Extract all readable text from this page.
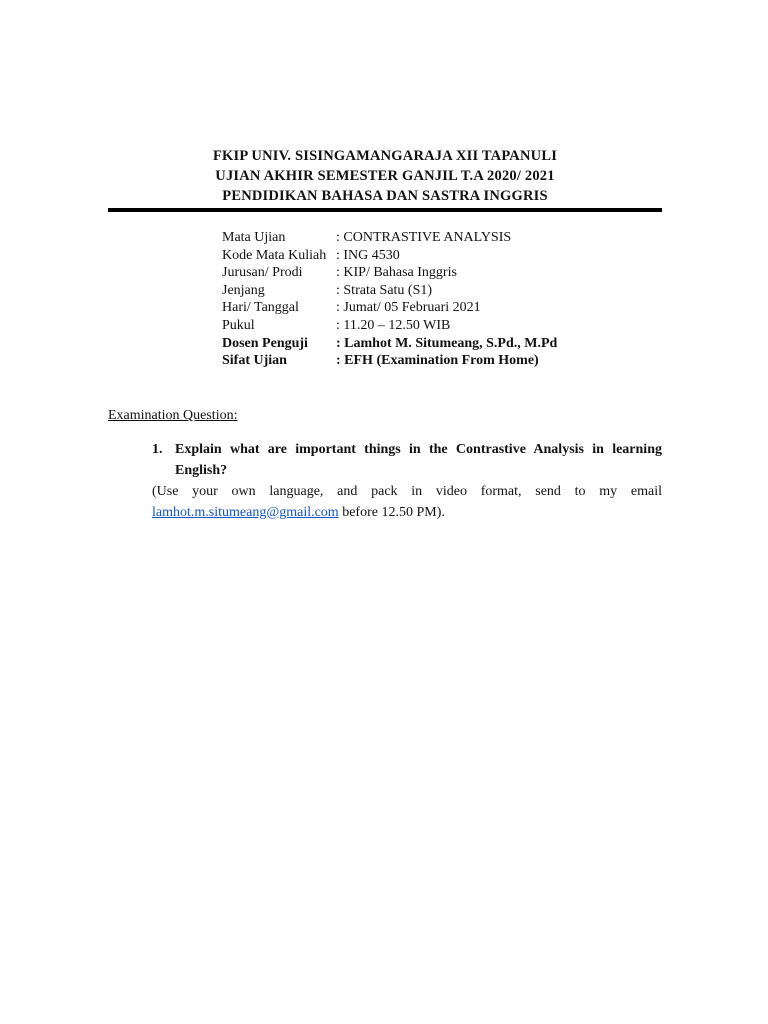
FKIP UNIV. SISINGAMANGARAJA XII TAPANULI
UJIAN AKHIR SEMESTER GANJIL T.A 2020/ 2021
PENDIDIKAN BAHASA DAN SASTRA INGGRIS
Mata Ujian	: CONTRASTIVE ANALYSIS
Kode Mata Kuliah : ING 4530
Jurusan/ Prodi	: KIP/ Bahasa Inggris
Jenjang	: Strata Satu (S1)
Hari/ Tanggal	: Jumat/ 05 Februari 2021
Pukul	: 11.20 – 12.50 WIB
Dosen Penguji	: Lamhot M. Situmeang, S.Pd., M.Pd
Sifat Ujian	: EFH (Examination From Home)
Examination Question:
1. Explain what are important things in the Contrastive Analysis in learning English?
(Use your own language, and pack in video format, send to my email lamhot.m.situmeang@gmail.com before 12.50 PM).
